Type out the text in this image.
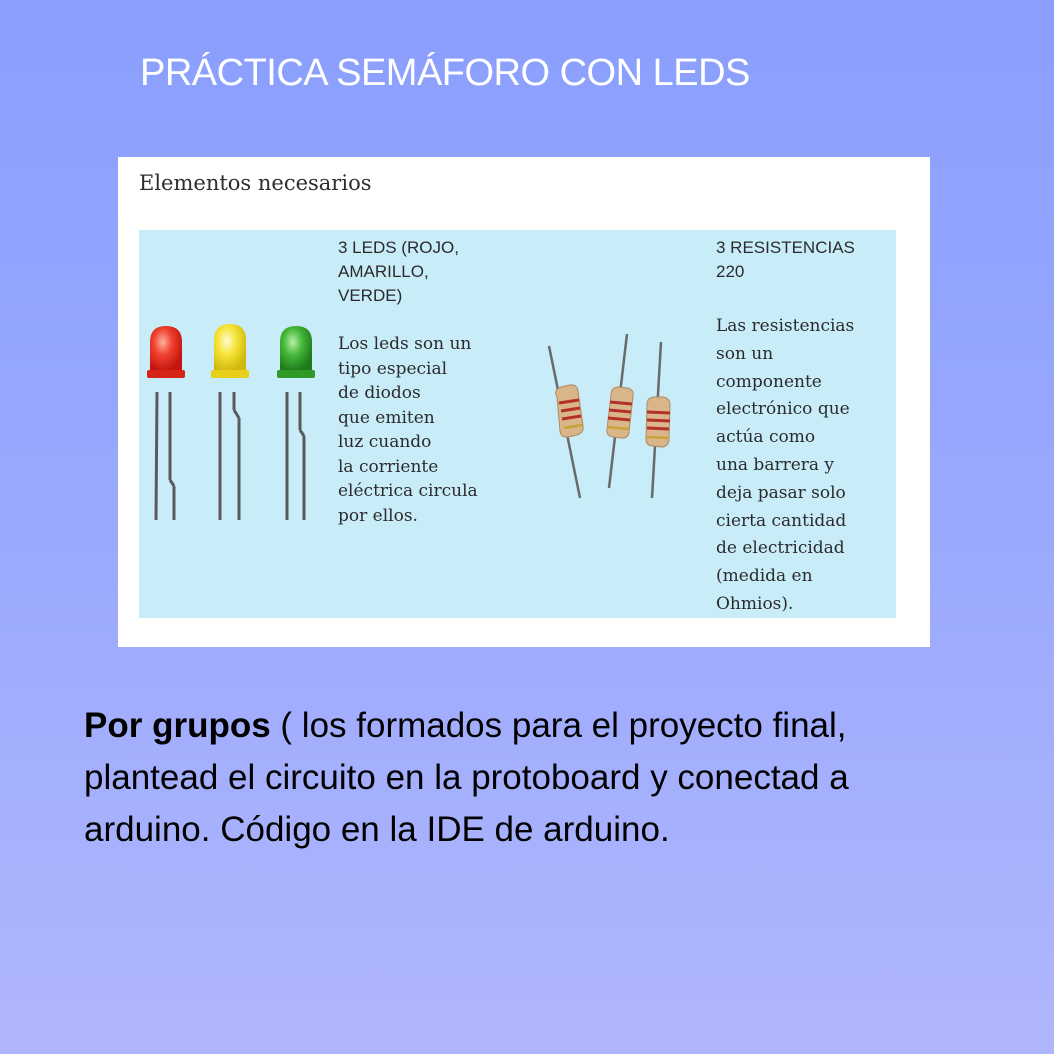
PRÁCTICA SEMÁFORO CON LEDS
Elementos necesarios
3 LEDS (ROJO,
AMARILLO,
VERDE)
Los leds son un
tipo especial
de diodos
que emiten
luz cuando
la corriente
eléctrica circula
por ellos.
3 RESISTENCIAS
220
Las resistencias
son un
componente
electrónico que
actúa como
una barrera y
deja pasar solo
cierta cantidad
de electricidad
(medida en
Ohmios).
Por grupos ( los formados para el proyecto final, plantead el circuito en la protoboard y conectad a arduino. Código en la IDE de arduino.
